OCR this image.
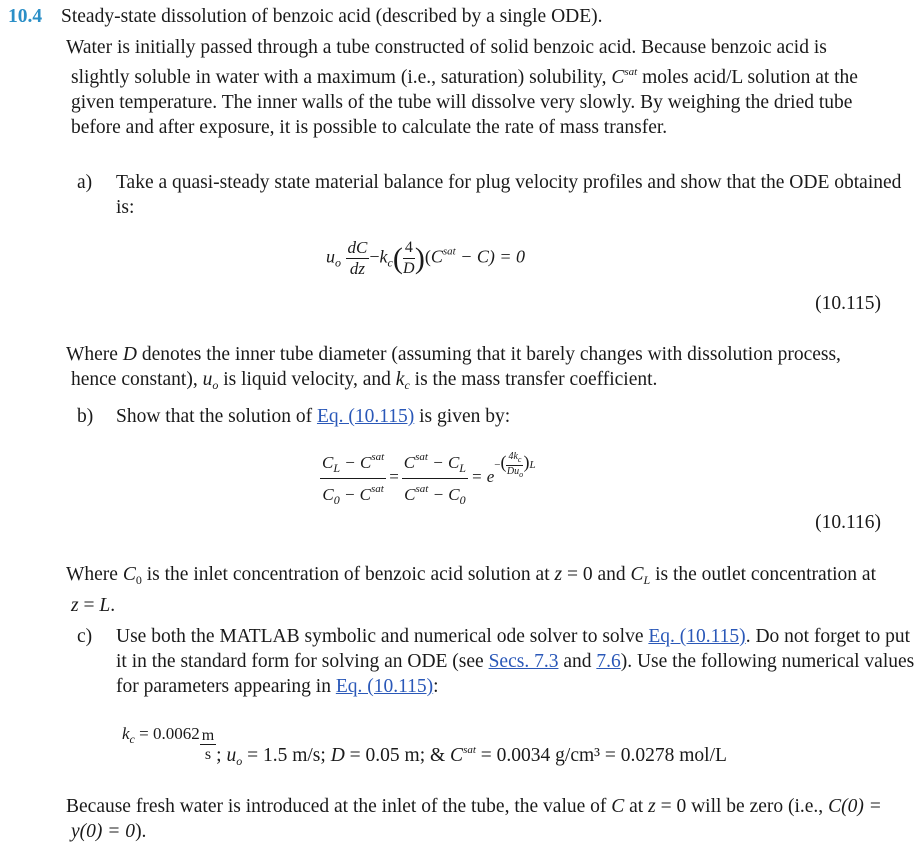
10.4 Steady-state dissolution of benzoic acid (described by a single ODE).
Water is initially passed through a tube constructed of solid benzoic acid. Because benzoic acid is slightly soluble in water with a maximum (i.e., saturation) solubility, $C^{sat}$ moles acid/L solution at the given temperature. The inner walls of the tube will dissolve very slowly. By weighing the dried tube before and after exposure, it is possible to calculate the rate of mass transfer.
a) Take a quasi-steady state material balance for plug velocity profiles and show that the ODE obtained is:
$u_o \frac{dC}{dz} -k_c( \frac{4}{D} )(C^{sat} - C) = 0$
(10.115)
Where D denotes the inner tube diameter (assuming that it barely changes with dissolution process, hence constant), $u_o$ is liquid velocity, and $k_c$ is the mass transfer coefficient.
b) Show that the solution of Eq. (10.115) is given by:
$\frac{C_L - C^{sat}}{C_0 - C^{sat}} = \frac{C^{sat} - C_L}{C^{sat} - C_0} = e^{-( \frac{4k_c}{Du_o} )L}$
(10.116)
Where $C_0$ is the inlet concentration of benzoic acid solution at z = 0 and $C_L$ is the outlet concentration at z = L.
c) Use both the MATLAB symbolic and numerical ode solver to solve Eq. (10.115). Do not forget to put it in the standard form for solving an ODE (see Secs. 7.3 and 7.6). Use the following numerical values for parameters appearing in Eq. (10.115):
$k_c = 0.0062 \frac{m}{s}$ ; $u_o = 1.5$ m/s; D = 0.05 m; & $C^{sat} = 0.0034$ g/cm³ = 0.0278 mol/L
Because fresh water is introduced at the inlet of the tube, the value of C at z = 0 will be zero (i.e., C(0) = y(0) = 0).
